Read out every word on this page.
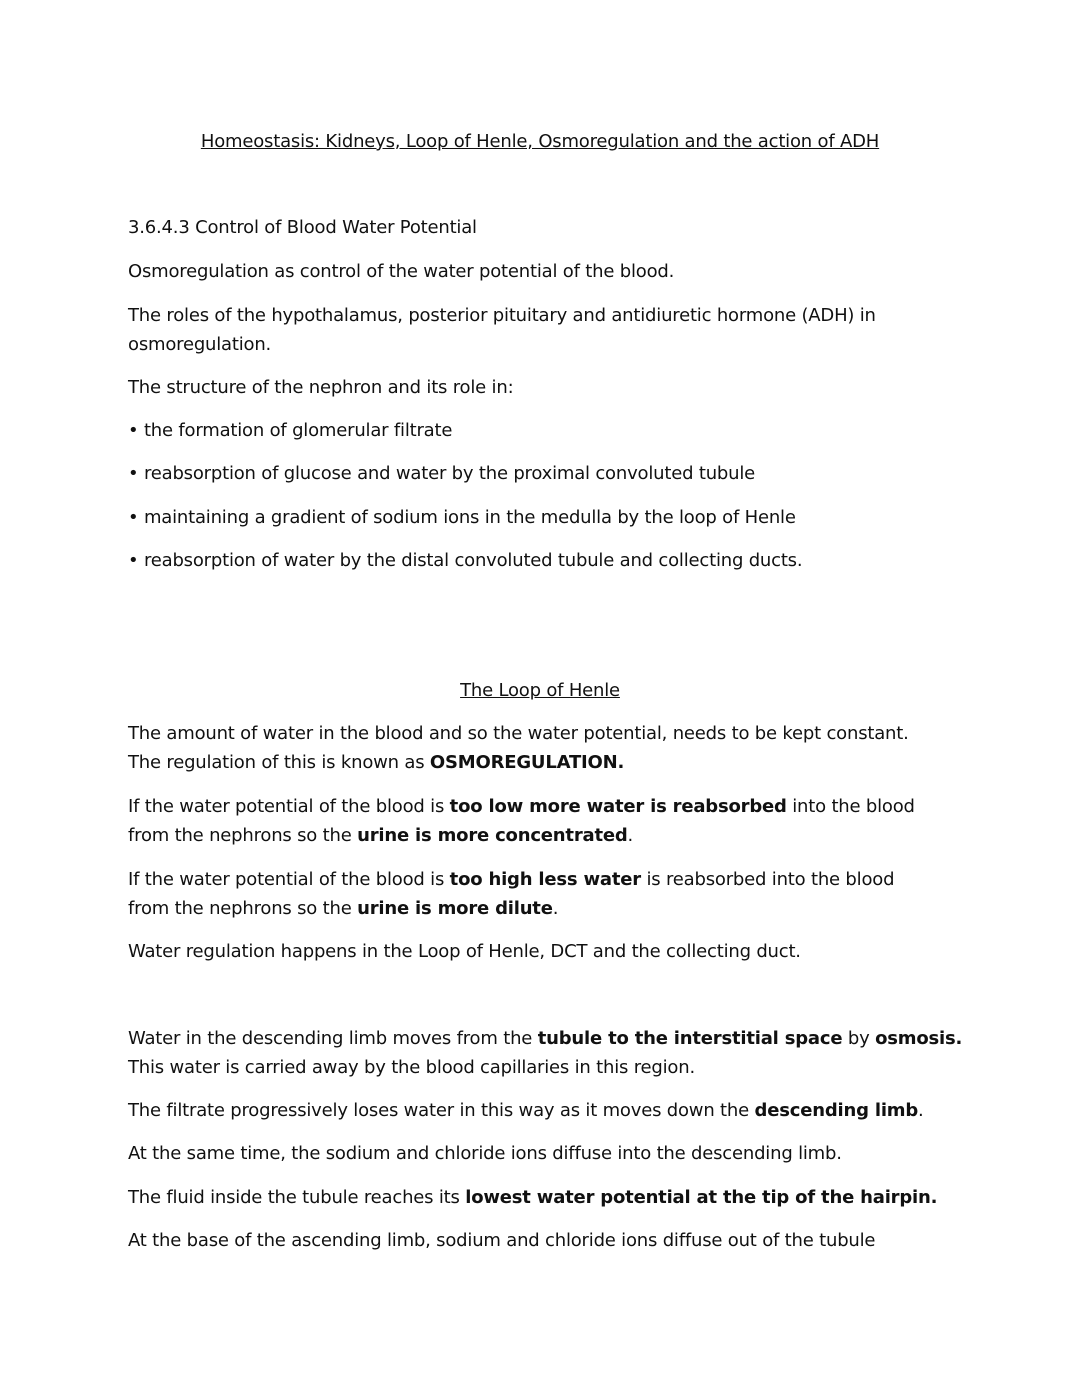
Homeostasis: Kidneys, Loop of Henle, Osmoregulation and the action of ADH
3.6.4.3 Control of Blood Water Potential
Osmoregulation as control of the water potential of the blood.
The roles of the hypothalamus, posterior pituitary and antidiuretic hormone (ADH) in
osmoregulation.
The structure of the nephron and its role in:
• the formation of glomerular filtrate
• reabsorption of glucose and water by the proximal convoluted tubule
• maintaining a gradient of sodium ions in the medulla by the loop of Henle
• reabsorption of water by the distal convoluted tubule and collecting ducts.
The Loop of Henle
The amount of water in the blood and so the water potential, needs to be kept constant.
The regulation of this is known as OSMOREGULATION.
If the water potential of the blood is too low more water is reabsorbed into the blood
from the nephrons so the urine is more concentrated.
If the water potential of the blood is too high less water is reabsorbed into the blood
from the nephrons so the urine is more dilute.
Water regulation happens in the Loop of Henle, DCT and the collecting duct.
Water in the descending limb moves from the tubule to the interstitial space by osmosis.
This water is carried away by the blood capillaries in this region.
The filtrate progressively loses water in this way as it moves down the descending limb.
At the same time, the sodium and chloride ions diffuse into the descending limb.
The fluid inside the tubule reaches its lowest water potential at the tip of the hairpin.
At the base of the ascending limb, sodium and chloride ions diffuse out of the tubule
